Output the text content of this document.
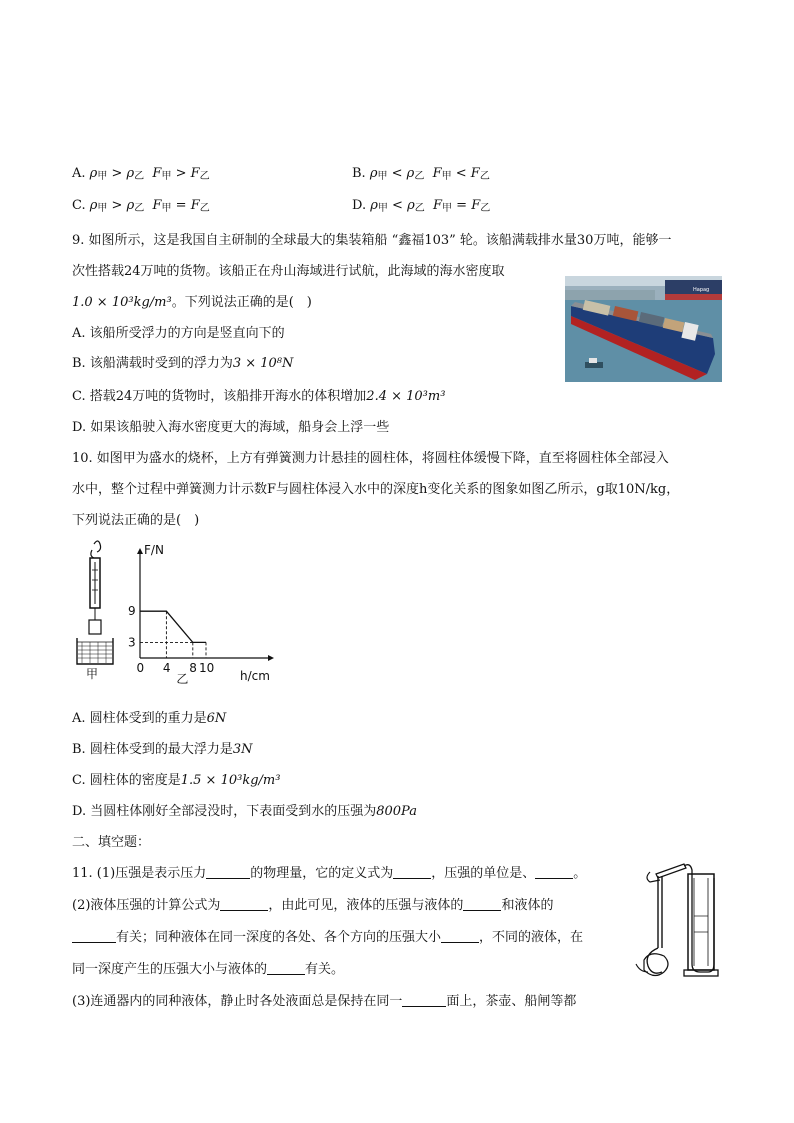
A. $\rho_甲 > \rho_乙$ $F_甲 > F_乙$	B. $\rho_甲 < \rho_乙$ $F_甲 < F_乙$
C. $\rho_甲 > \rho_乙$ $F_甲 = F_乙$	D. $\rho_甲 < \rho_乙$ $F_甲 = F_乙$
9. 如图所示，这是我国自主研制的全球最大的集装箱船 “鑫福103” 轮。该船满载排水量30万吨，能够一
次性搭载24万吨的货物。该船正在舟山海域进行试航，此海域的海水密度取
1.0 × 10³kg/m³。下列说法正确的是(　)
A. 该船所受浮力的方向是竖直向下的
B. 该船满载时受到的浮力为3 × 10⁸N
C. 搭载24万吨的货物时，该船排开海水的体积增加2.4 × 10³m³
D. 如果该船驶入海水密度更大的海域，船身会上浮一些
Hapag
10. 如图甲为盛水的烧杯，上方有弹簧测力计悬挂的圆柱体，将圆柱体缓慢下降，直至将圆柱体全部浸入
水中，整个过程中弹簧测力计示数F与圆柱体浸入水中的深度h变化关系的图象如图乙所示，g取10N/kg，
下列说法正确的是(　)
甲
F/N
h/cm
0 4 8 10
9
3
乙
A. 圆柱体受到的重力是6N
B. 圆柱体受到的最大浮力是3N
C. 圆柱体的密度是1.5 × 10³kg/m³
D. 当圆柱体刚好全部浸没时，下表面受到水的压强为800Pa
二、填空题：
11. (1)压强是表示压力	的物理量，它的定义式为	，压强的单位是、	。
(2)液体压强的计算公式为	，由此可见，液体的压强与液体的	和液体的
有关；同种液体在同一深度的各处、各个方向的压强大小	，不同的液体，在
同一深度产生的压强大小与液体的	有关。
(3)连通器内的同种液体，静止时各处液面总是保持在同一	面上，茶壶、船闸等都
